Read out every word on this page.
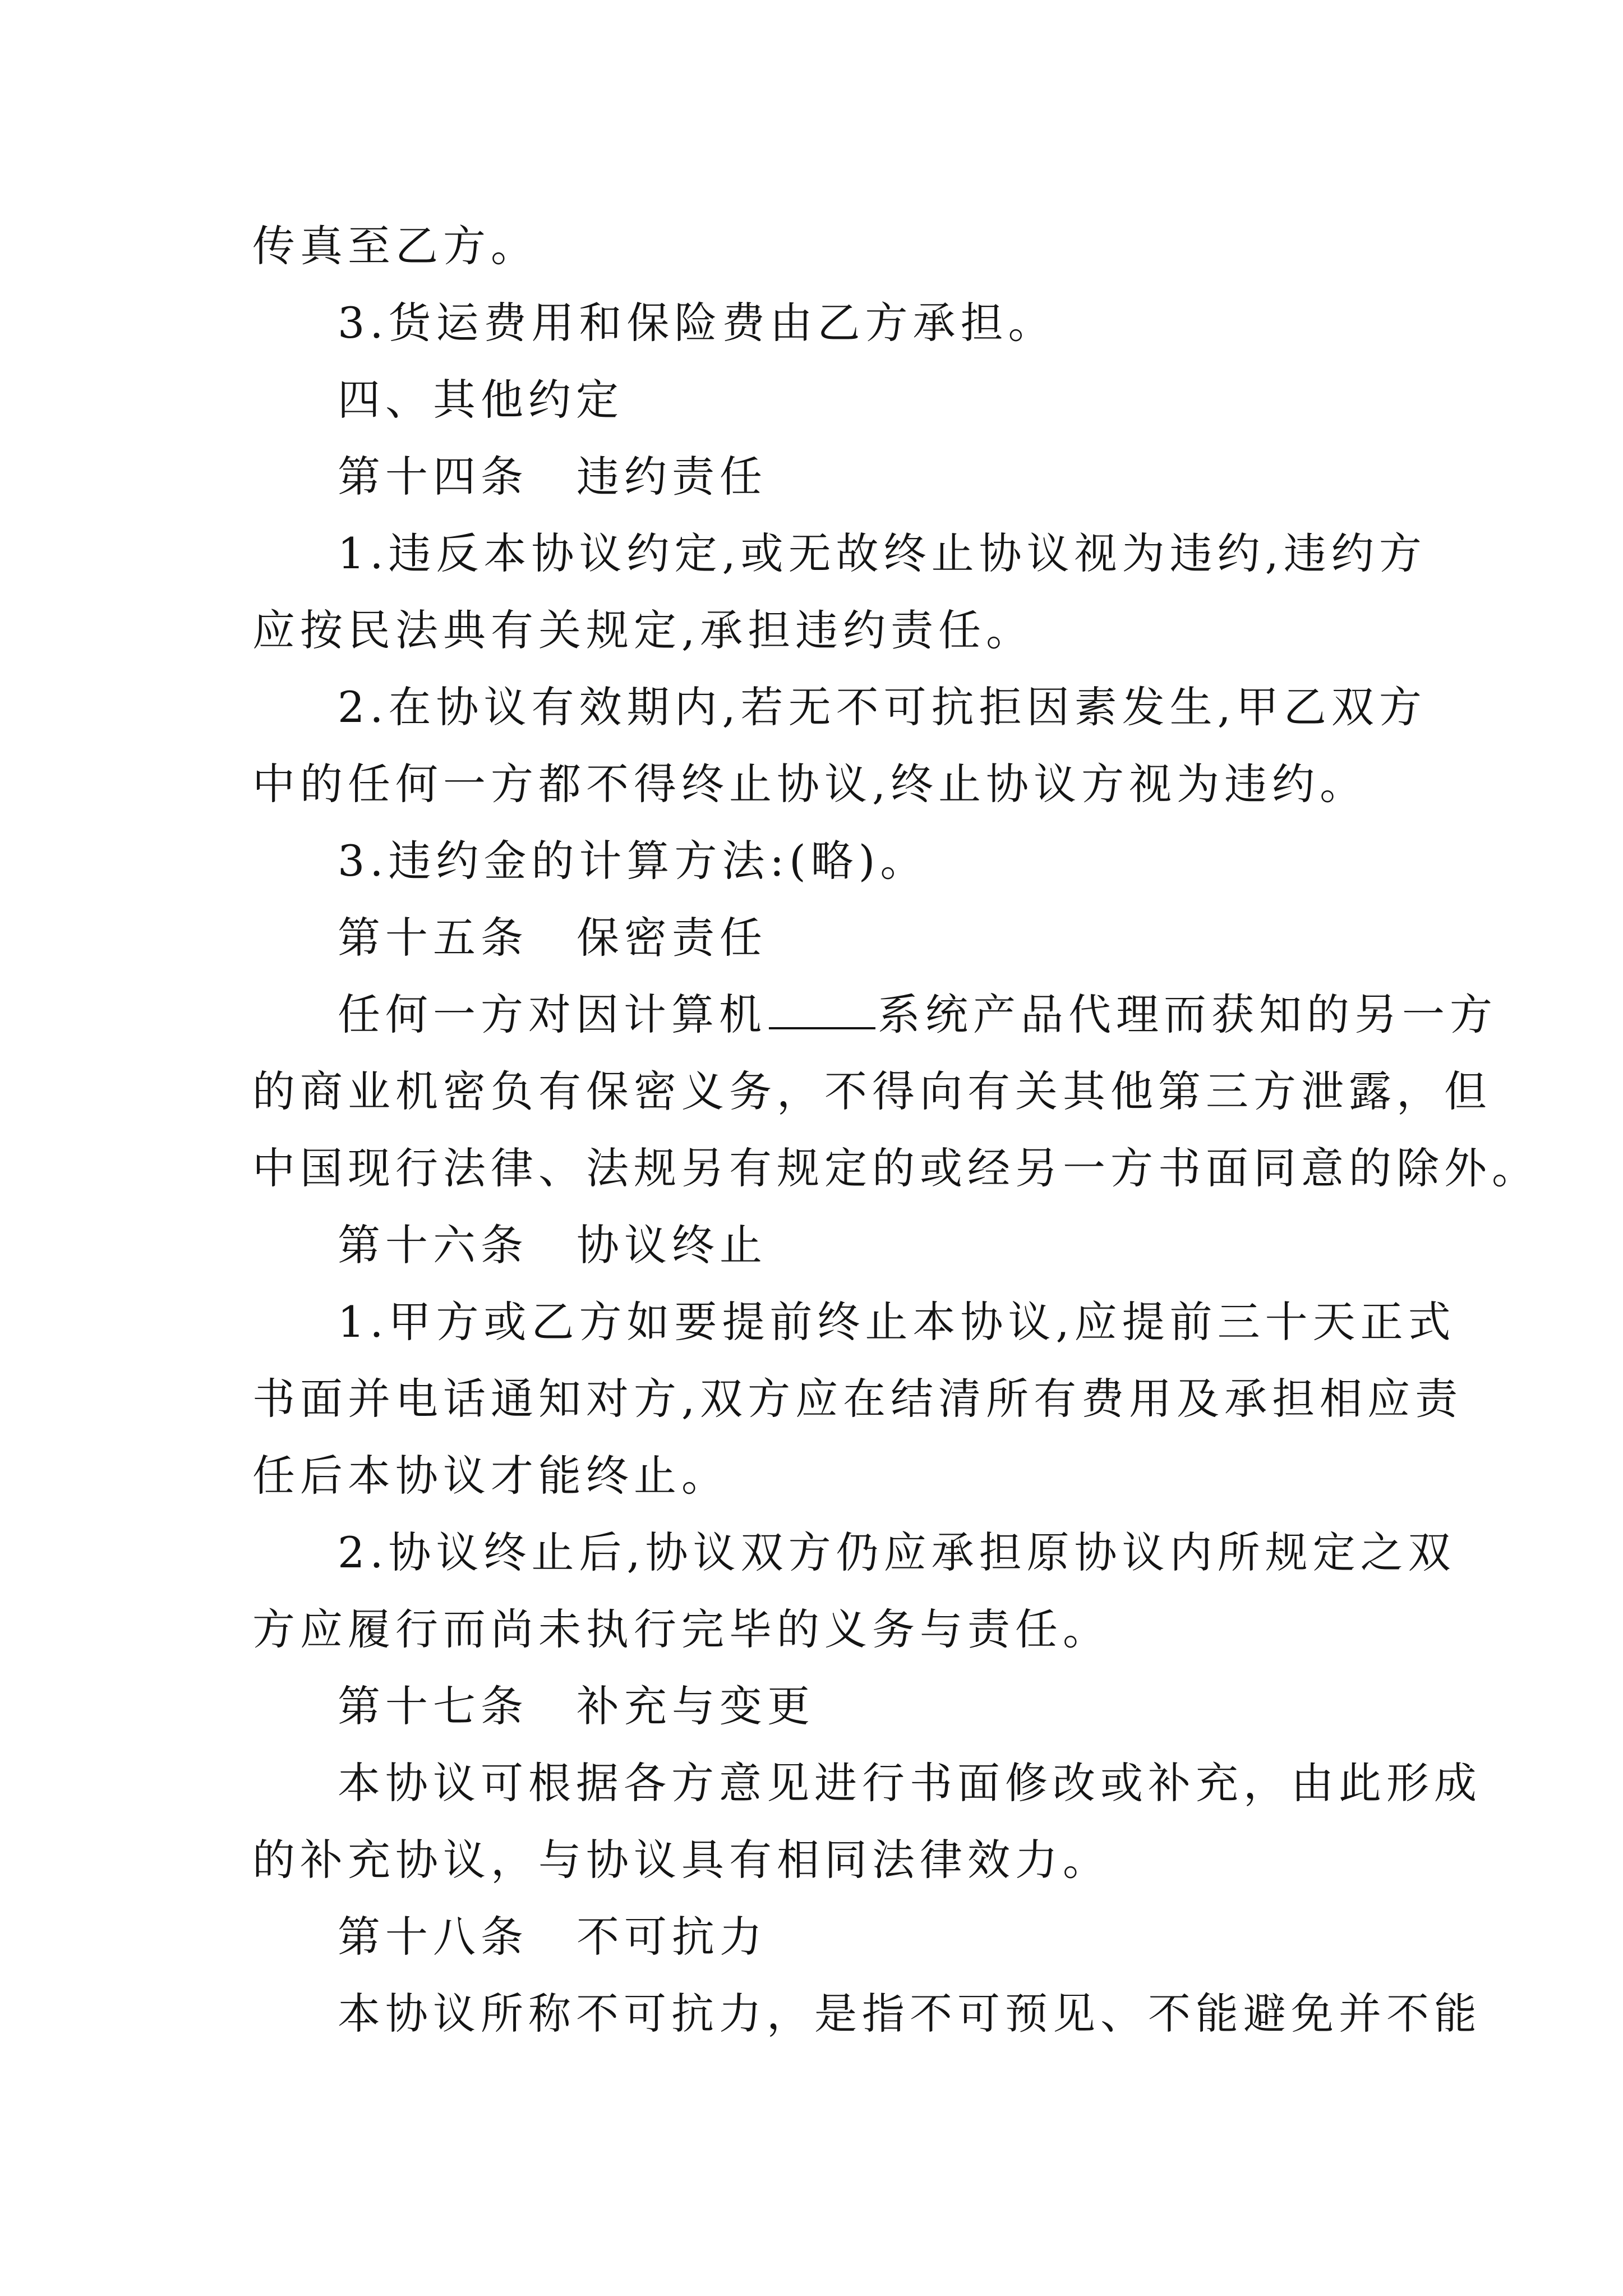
传真至乙方。
3.货运费用和保险费由乙方承担。
四、其他约定
第十四条 违约责任
1.违反本协议约定,或无故终止协议视为违约,违约方
应按民法典有关规定,承担违约责任。
2.在协议有效期内,若无不可抗拒因素发生,甲乙双方
中的任何一方都不得终止协议,终止协议方视为违约。
3.违约金的计算方法:(略)。
第十五条 保密责任
任何一方对因计算机	系统产品代理而获知的另一方
的商业机密负有保密义务，不得向有关其他第三方泄露，但
中国现行法律、法规另有规定的或经另一方书面同意的除外。
第十六条 协议终止
1.甲方或乙方如要提前终止本协议,应提前三十天正式
书面并电话通知对方,双方应在结清所有费用及承担相应责
任后本协议才能终止。
2.协议终止后,协议双方仍应承担原协议内所规定之双
方应履行而尚未执行完毕的义务与责任。
第十七条 补充与变更
本协议可根据各方意见进行书面修改或补充，由此形成
的补充协议，与协议具有相同法律效力。
第十八条 不可抗力
本协议所称不可抗力，是指不可预见、不能避免并不能
